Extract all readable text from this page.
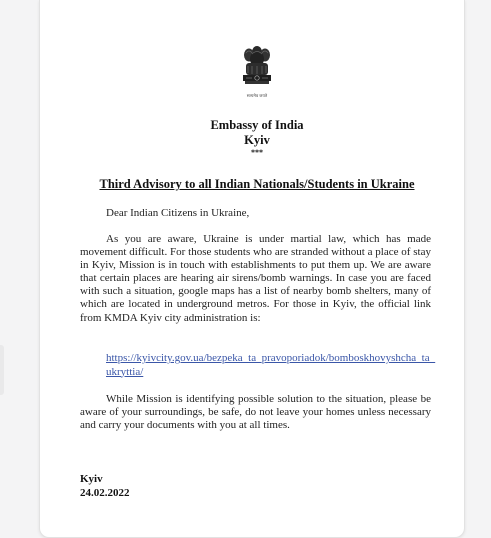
सत्यमेव जयते
Embassy of India
Kyiv
***
Third Advisory to all Indian Nationals/Students in Ukraine
Dear Indian Citizens in Ukraine,

As you are aware, Ukraine is under martial law, which has made movement difficult. For those students who are stranded without a place of stay in Kyiv, Mission is in touch with establishments to put them up. We are aware that certain places are hearing air sirens/bomb warnings. In case you are faced with such a situation, google maps has a list of nearby bomb shelters, many of which are located in underground metros. For those in Kyiv, the official link from KMDA Kyiv city administration is:

https://kyivcity.gov.ua/bezpeka_ta_pravoporiadok/bomboskhovyshcha_ta_ukryttia/

While Mission is identifying possible solution to the situation, please be aware of your surroundings, be safe, do not leave your homes unless necessary and carry your documents with you at all times.

Kyiv
24.02.2022
